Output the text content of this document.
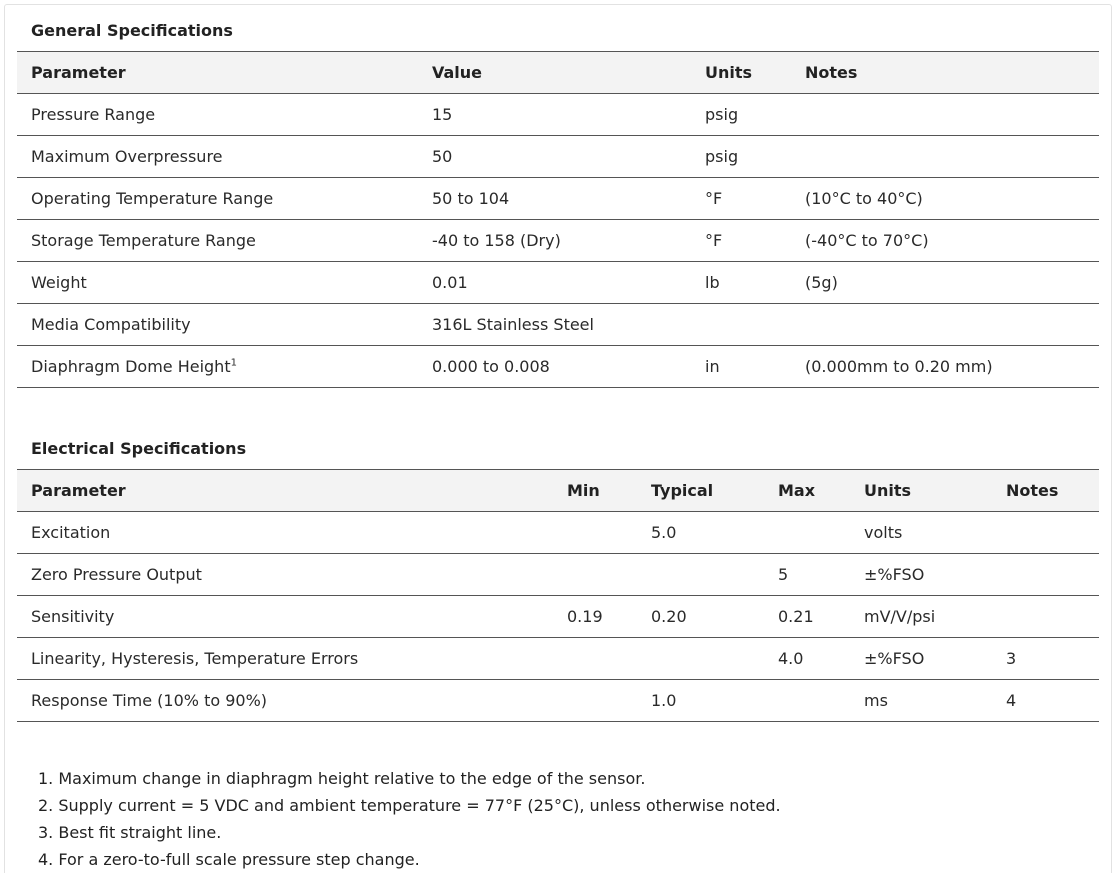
General Specifications
Parameter	Value	Units	Notes
Pressure Range	15	psig	
Maximum Overpressure	50	psig	
Operating Temperature Range	50 to 104	°F	(10°C to 40°C)
Storage Temperature Range	-40 to 158 (Dry)	°F	(-40°C to 70°C)
Weight	0.01	lb	(5g)
Media Compatibility	316L Stainless Steel		
Diaphragm Dome Height$^1$	0.000 to 0.008	in	(0.000mm to 0.20 mm)
Electrical Specifications
Parameter	Min	Typical	Max	Units	Notes
Excitation		5.0		volts	
Zero Pressure Output			5	±%FSO	
Sensitivity	0.19	0.20	0.21	mV/V/psi	
Linearity, Hysteresis, Temperature Errors			4.0	±%FSO	3
Response Time (10% to 90%)		1.0		ms	4
1. Maximum change in diaphragm height relative to the edge of the sensor.
2. Supply current = 5 VDC and ambient temperature = 77°F (25°C), unless otherwise noted.
3. Best fit straight line.
4. For a zero-to-full scale pressure step change.
